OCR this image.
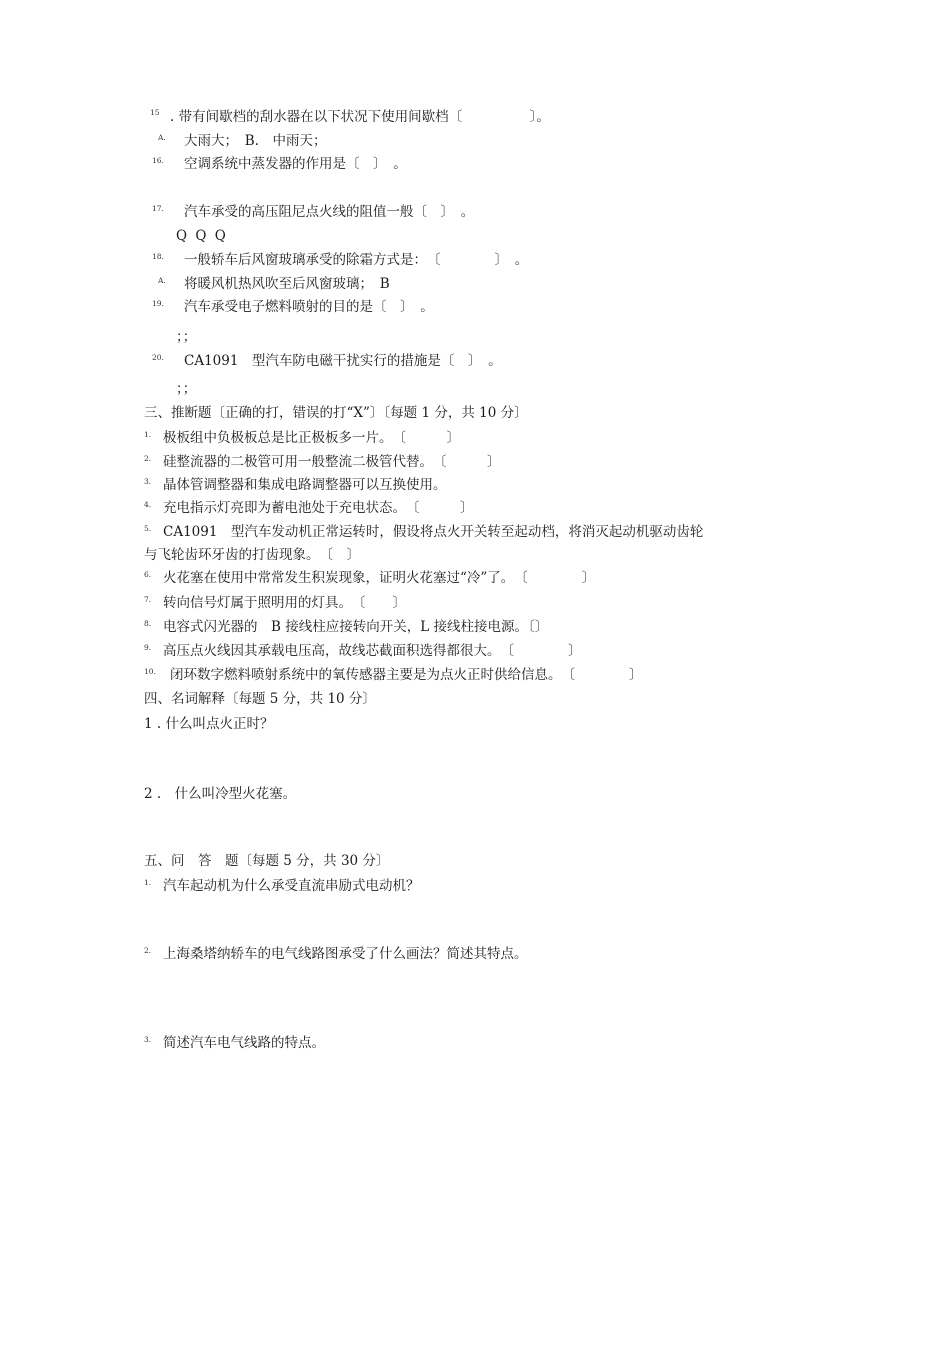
15 . 带有间歇档的刮水器在以下状况下使用间歇档〔　　　　　〕。
A. 大雨大；　B.　中雨天；
16. 空调系统中蒸发器的作用是〔　〕　。
17. 汽车承受的高压阻尼点火线的阻值一般〔　〕　。
Q Q Q
18. 一般轿车后风窗玻璃承受的除霜方式是：　〔　　　　〕　。
A. 将暖风机热风吹至后风窗玻璃；　B
19. 汽车承受电子燃料喷射的目的是〔　〕　。
；；
20. CA1091　型汽车防电磁干扰实行的措施是〔　〕　。
；；
三、推断题〔正确的打，错误的打“X”〕〔每题 1 分，共 10 分〕
1. 极板组中负极板总是比正极板多一片。　〔　　　〕
2. 硅整流器的二极管可用一般整流二极管代替。　〔　　　〕
3. 晶体管调整器和集成电路调整器可以互换使用。
4. 充电指示灯亮即为蓄电池处于充电状态。　〔　　　〕
5. CA1091　型汽车发动机正常运转时，假设将点火开关转至起动档，将消灭起动机驱动齿轮
与飞轮齿环牙齿的打齿现象。　〔　〕
6. 火花塞在使用中常常发生积炭现象，证明火花塞过“冷”了。　〔　　　　〕
7. 转向信号灯属于照明用的灯具。　〔　　〕
8. 电容式闪光器的　B 接线柱应接转向开关，L 接线柱接电源。〔〕
9. 高压点火线因其承载电压高，故线芯截面积选得都很大。　〔　　　　〕
10. 闭环数字燃料喷射系统中的氧传感器主要是为点火正时供给信息。　〔　　　　〕
四、名词解释〔每题 5 分，共 10 分〕
1 . 什么叫点火正时？
2 .　什么叫冷型火花塞。
五、问　答　题〔每题 5 分，共 30 分〕
1. 汽车起动机为什么承受直流串励式电动机？
2. 上海桑塔纳轿车的电气线路图承受了什么画法？简述其特点。
3. 简述汽车电气线路的特点。
